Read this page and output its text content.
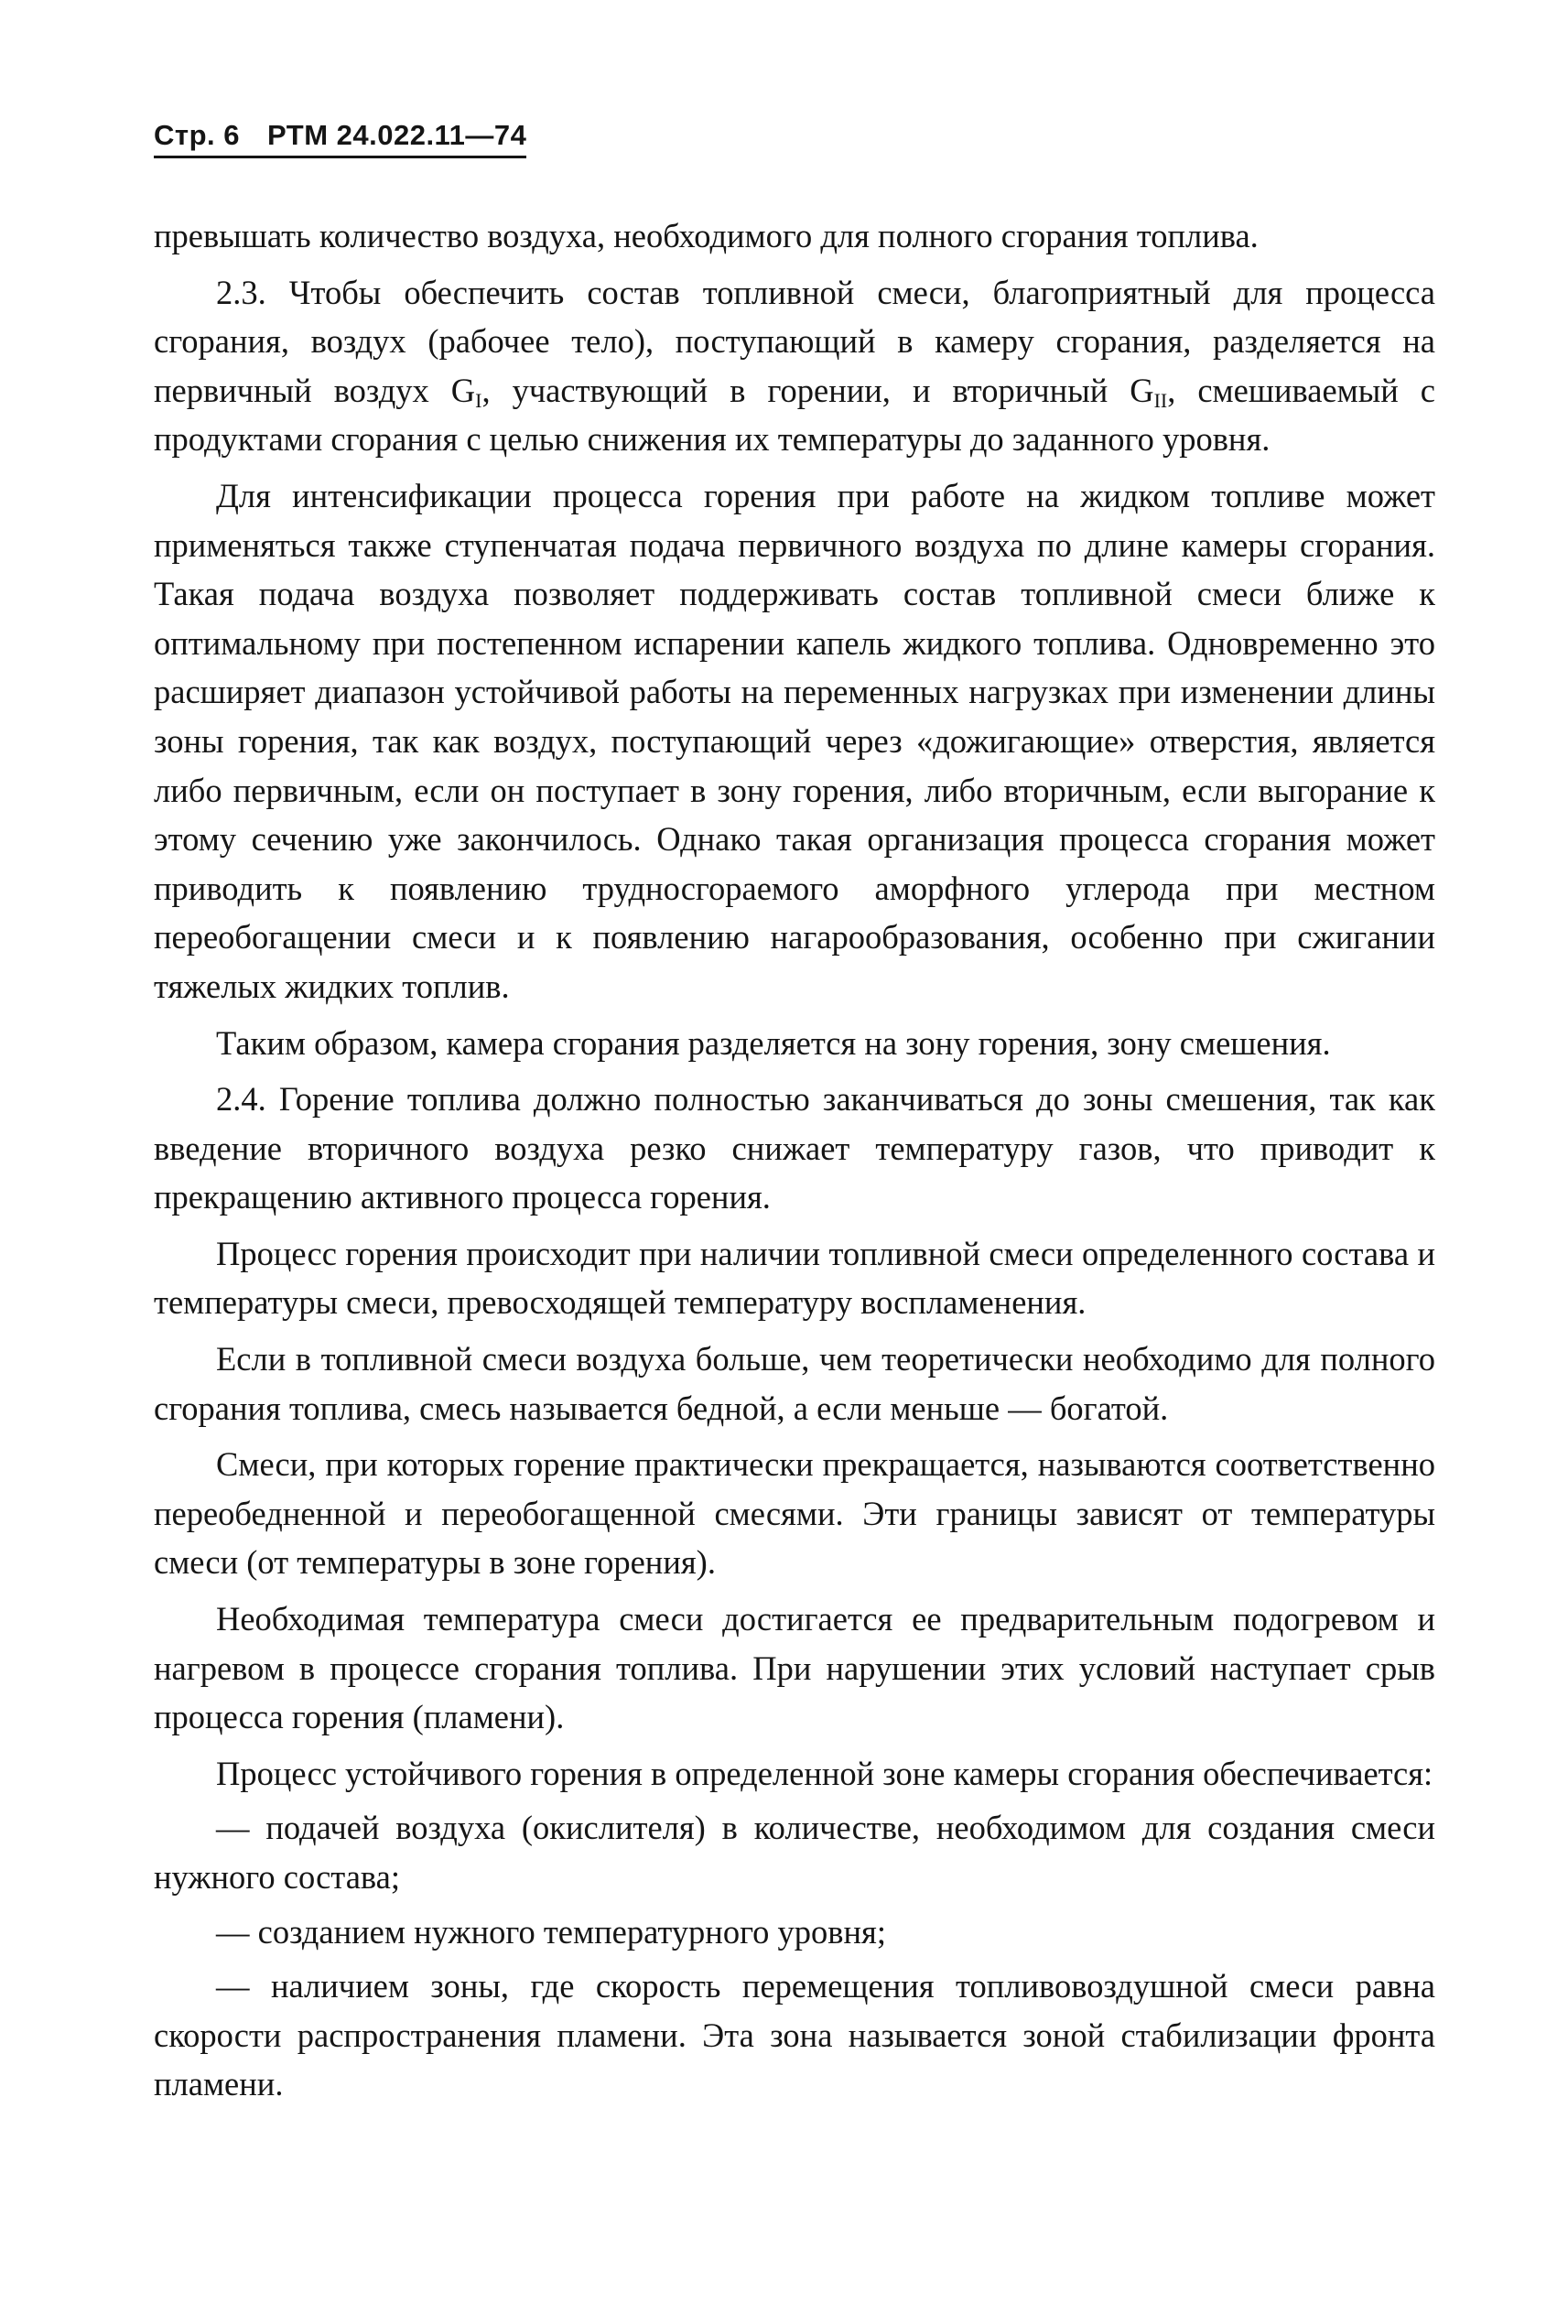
Стр. 6 РТМ 24.022.11—74

превышать количество воздуха, необходимого для полного сгорания топлива.

2.3. Чтобы обеспечить состав топливной смеси, благоприятный для процесса сгорания, воздух (рабочее тело), поступающий в камеру сгорания, разделяется на первичный воздух $G_I$, участвующий в горении, и вторичный $G_{II}$, смешиваемый с продуктами сгорания с целью снижения их температуры до заданного уровня.

Для интенсификации процесса горения при работе на жидком топливе может применяться также ступенчатая подача первичного воздуха по длине камеры сгорания. Такая подача воздуха позволяет поддерживать состав топливной смеси ближе к оптимальному при постепенном испарении капель жидкого топлива. Одновременно это расширяет диапазон устойчивой работы на переменных нагрузках при изменении длины зоны горения, так как воздух, поступающий через «дожигающие» отверстия, является либо первичным, если он поступает в зону горения, либо вторичным, если выгорание к этому сечению уже закончилось. Однако такая организация процесса сгорания может приводить к появлению трудносгораемого аморфного углерода при местном переобогащении смеси и к появлению нагарообразования, особенно при сжигании тяжелых жидких топлив.

Таким образом, камера сгорания разделяется на зону горения, зону смешения.

2.4. Горение топлива должно полностью заканчиваться до зоны смешения, так как введение вторичного воздуха резко снижает температуру газов, что приводит к прекращению активного процесса горения.

Процесс горения происходит при наличии топливной смеси определенного состава и температуры смеси, превосходящей температуру воспламенения.

Если в топливной смеси воздуха больше, чем теоретически необходимо для полного сгорания топлива, смесь называется бедной, а если меньше — богатой.

Смеси, при которых горение практически прекращается, называются соответственно переобедненной и переобогащенной смесями. Эти границы зависят от температуры смеси (от температуры в зоне горения).

Необходимая температура смеси достигается ее предварительным подогревом и нагревом в процессе сгорания топлива. При нарушении этих условий наступает срыв процесса горения (пламени).

Процесс устойчивого горения в определенной зоне камеры сгорания обеспечивается:

— подачей воздуха (окислителя) в количестве, необходимом для создания смеси нужного состава;

— созданием нужного температурного уровня;

— наличием зоны, где скорость перемещения топливовоздушной смеси равна скорости распространения пламени. Эта зона называется зоной стабилизации фронта пламени.
